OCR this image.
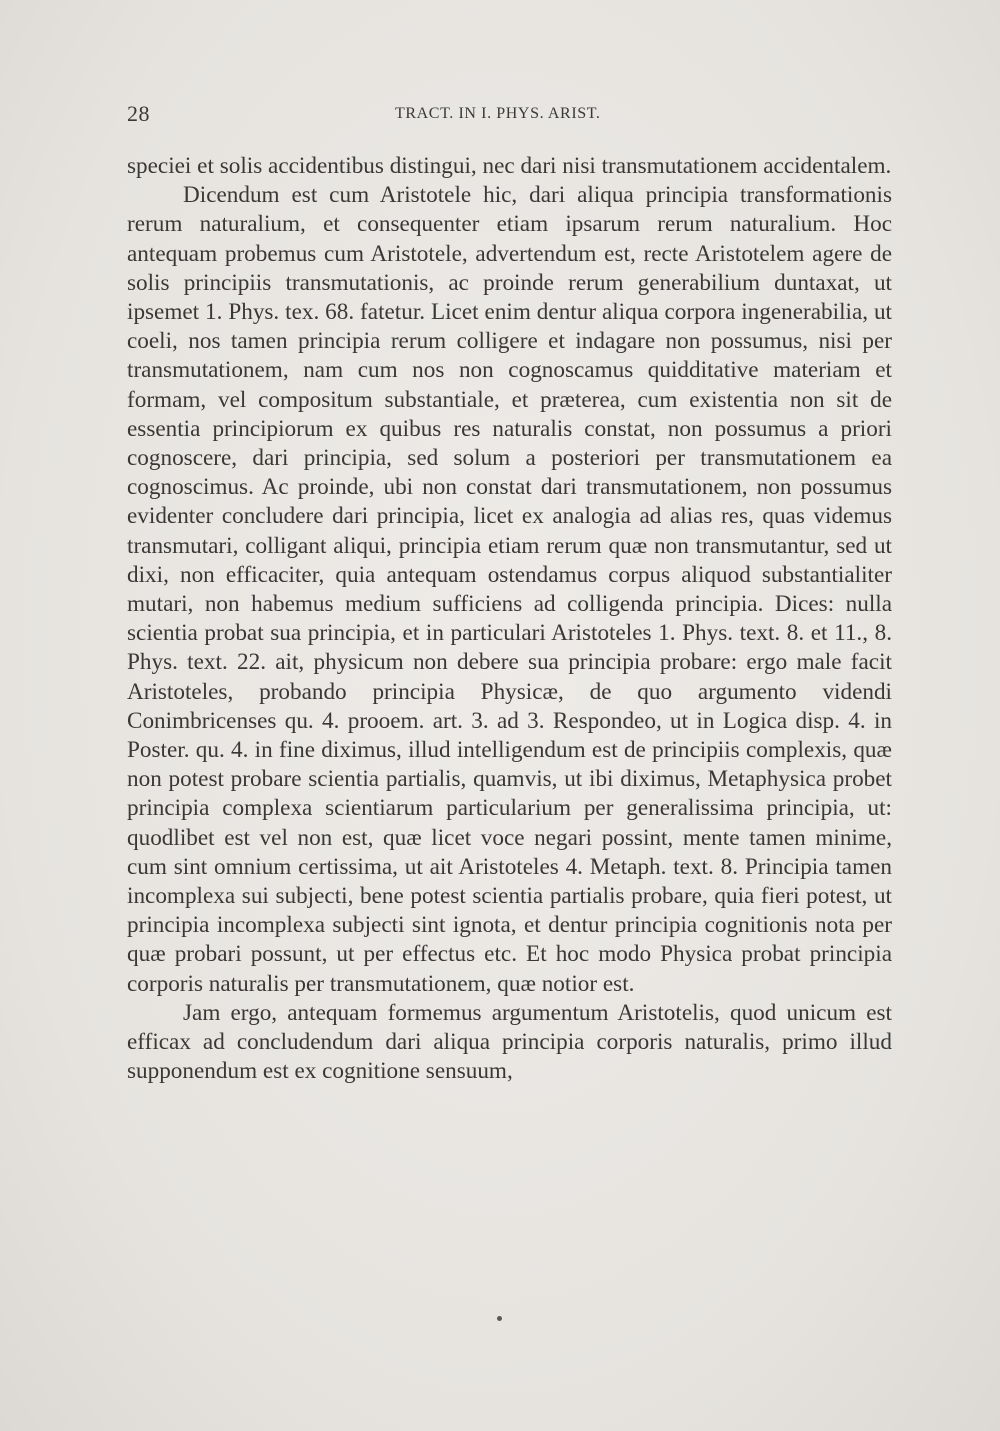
28	TRACT. IN I. PHYS. ARIST.

speciei et solis accidentibus distingui, nec dari nisi transmutationem accidentalem.

Dicendum est cum Aristotele hic, dari aliqua principia transformationis rerum naturalium, et consequenter etiam ipsarum rerum naturalium. Hoc antequam probemus cum Aristotele, advertendum est, recte Aristotelem agere de solis principiis transmutationis, ac proinde rerum generabilium duntaxat, ut ipsemet 1. Phys. tex. 68. fatetur. Licet enim dentur aliqua corpora ingenerabilia, ut coeli, nos tamen principia rerum colligere et indagare non possumus, nisi per transmutationem, nam cum nos non cognoscamus quidditative materiam et formam, vel compositum substantiale, et præterea, cum existentia non sit de essentia principiorum ex quibus res naturalis constat, non possumus a priori cognoscere, dari principia, sed solum a posteriori per transmutationem ea cognoscimus. Ac proinde, ubi non constat dari transmutationem, non possumus evidenter concludere dari principia, licet ex analogia ad alias res, quas videmus transmutari, colligant aliqui, principia etiam rerum quæ non transmutantur, sed ut dixi, non efficaciter, quia antequam ostendamus corpus aliquod substantialiter mutari, non habemus medium sufficiens ad colligenda principia. Dices: nulla scientia probat sua principia, et in particulari Aristoteles 1. Phys. text. 8. et 11., 8. Phys. text. 22. ait, physicum non debere sua principia probare: ergo male facit Aristoteles, probando principia Physicæ, de quo argumento videndi Conimbricenses qu. 4. prooem. art. 3. ad 3. Respondeo, ut in Logica disp. 4. in Poster. qu. 4. in fine diximus, illud intelligendum est de principiis complexis, quæ non potest probare scientia partialis, quamvis, ut ibi diximus, Metaphysica probet principia complexa scientiarum particularium per generalissima principia, ut: quodlibet est vel non est, quæ licet voce negari possint, mente tamen minime, cum sint omnium certissima, ut ait Aristoteles 4. Metaph. text. 8. Principia tamen incomplexa sui subjecti, bene potest scientia partialis probare, quia fieri potest, ut principia incomplexa subjecti sint ignota, et dentur principia cognitionis nota per quæ probari possunt, ut per effectus etc. Et hoc modo Physica probat principia corporis naturalis per transmutationem, quæ notior est.

Jam ergo, antequam formemus argumentum Aristotelis, quod unicum est efficax ad concludendum dari aliqua principia corporis naturalis, primo illud supponendum est ex cognitione sensuum,
